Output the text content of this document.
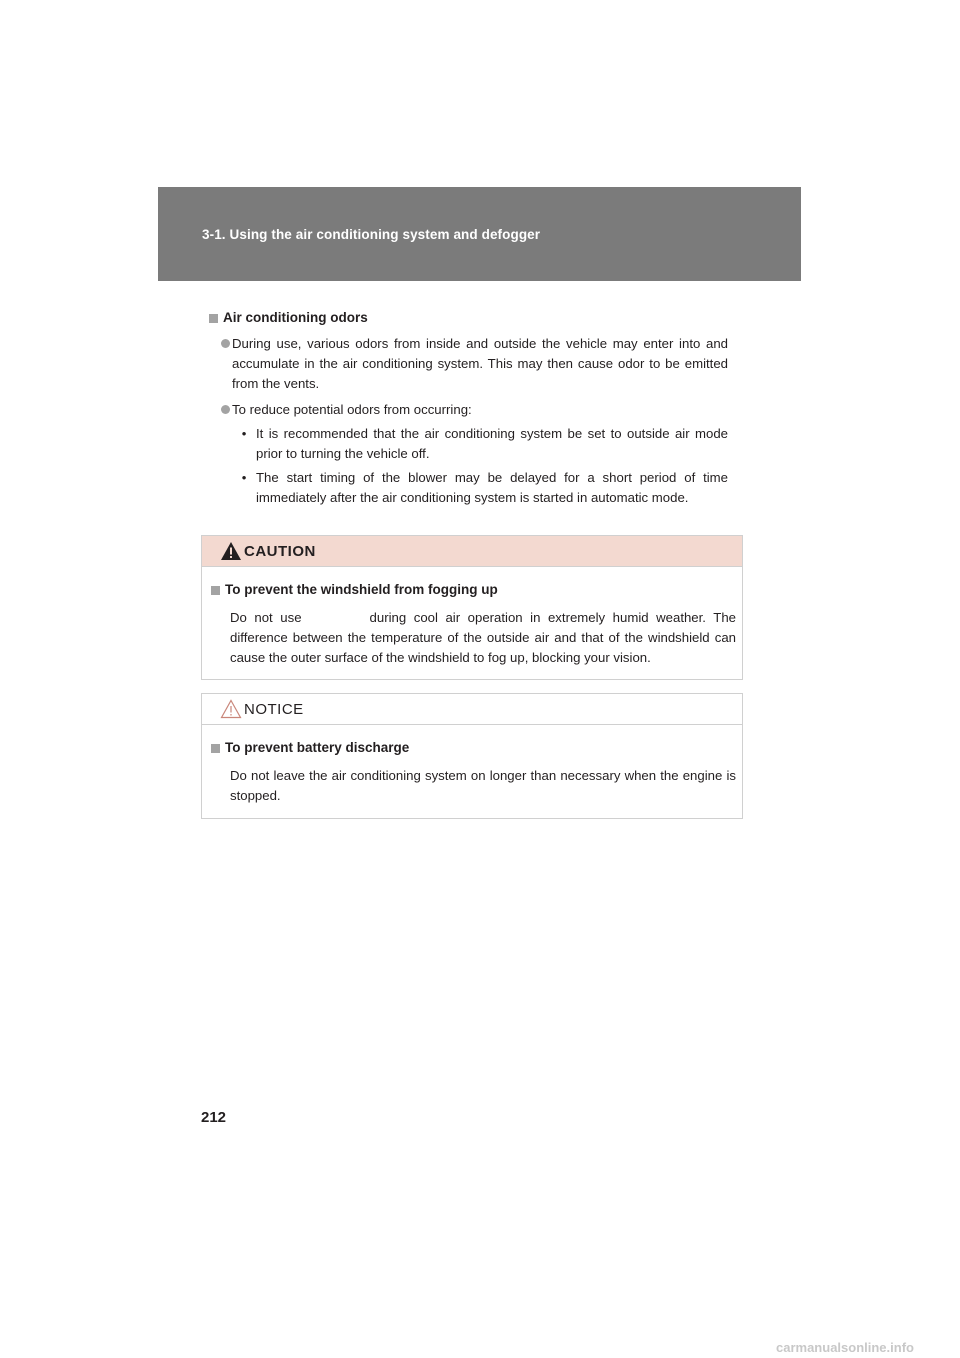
3-1. Using the air conditioning system and defogger
Air conditioning odors
During use, various odors from inside and outside the vehicle may enter into and accumulate in the air conditioning system. This may then cause odor to be emitted from the vents.
To reduce potential odors from occurring:
• It is recommended that the air conditioning system be set to outside air mode prior to turning the vehicle off.
• The start timing of the blower may be delayed for a short period of time immediately after the air conditioning system is started in automatic mode.
CAUTION
To prevent the windshield from fogging up
Do not use	during cool air operation in extremely humid weather. The difference between the temperature of the outside air and that of the windshield can cause the outer surface of the windshield to fog up, blocking your vision.
NOTICE
To prevent battery discharge
Do not leave the air conditioning system on longer than necessary when the engine is stopped.
212
carmanualsonline.info
